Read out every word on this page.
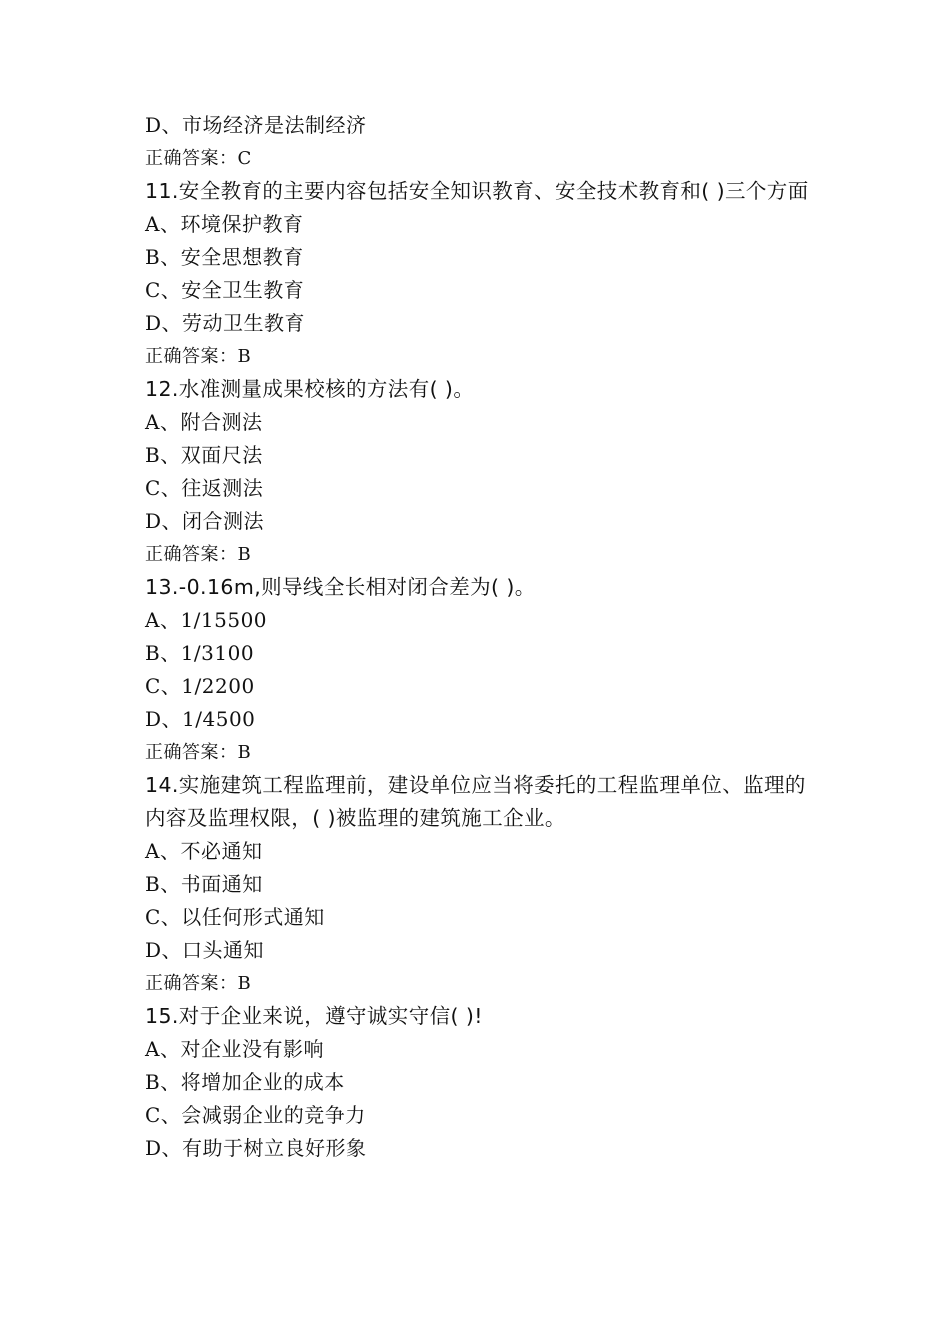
D、市场经济是法制经济
正确答案：C
11.安全教育的主要内容包括安全知识教育、安全技术教育和( )三个方面
A、环境保护教育
B、安全思想教育
C、安全卫生教育
D、劳动卫生教育
正确答案：B
12.水准测量成果校核的方法有( )。
A、附合测法
B、双面尺法
C、往返测法
D、闭合测法
正确答案：B
13.-0.16m,则导线全长相对闭合差为( )。
A、1/15500
B、1/3100
C、1/2200
D、1/4500
正确答案：B
14.实施建筑工程监理前，建设单位应当将委托的工程监理单位、监理的内容及监理权限，( )被监理的建筑施工企业。
A、不必通知
B、书面通知
C、以任何形式通知
D、口头通知
正确答案：B
15.对于企业来说，遵守诚实守信( )!
A、对企业没有影响
B、将增加企业的成本
C、会减弱企业的竞争力
D、有助于树立良好形象
